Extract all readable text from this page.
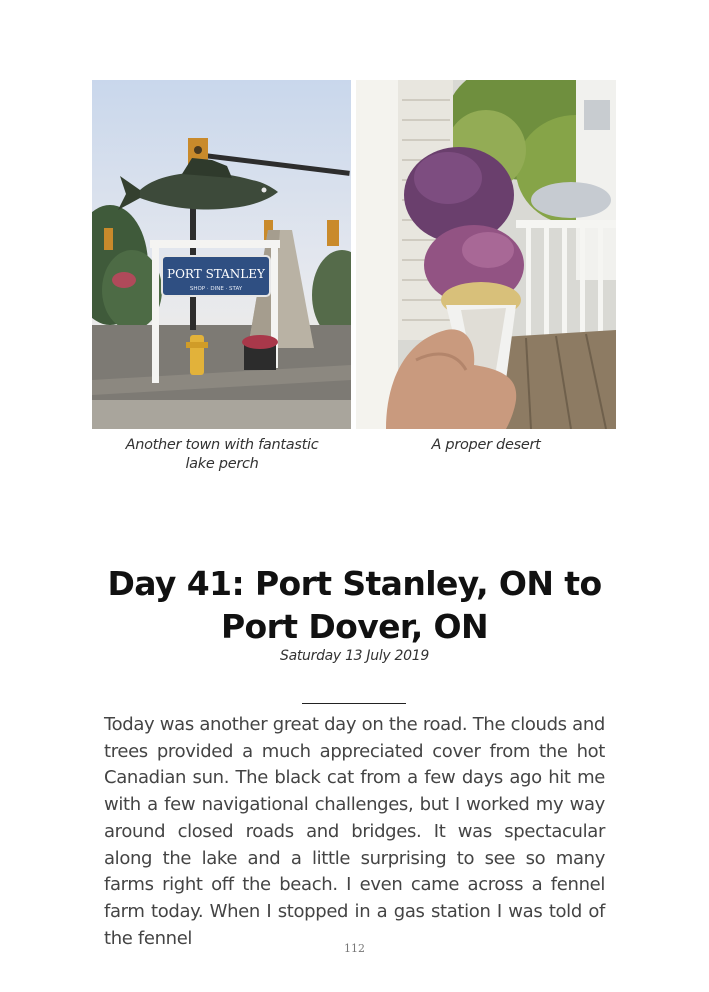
PORT STANLEY
SHOP · DINE · STAY
Another town with fantastic lake perch
A proper desert
Day 41: Port Stanley, ON to Port Dover, ON
Saturday 13 July 2019
Today was another great day on the road. The clouds and trees provided a much appreciated cover from the hot Canadian sun. The black cat from a few days ago hit me with a few navigational challenges, but I worked my way around closed roads and bridges. It was spectacular along the lake and a little surprising to see so many farms right off the beach. I even came across a fennel farm today. When I stopped in a gas station I was told of the fennel	112
